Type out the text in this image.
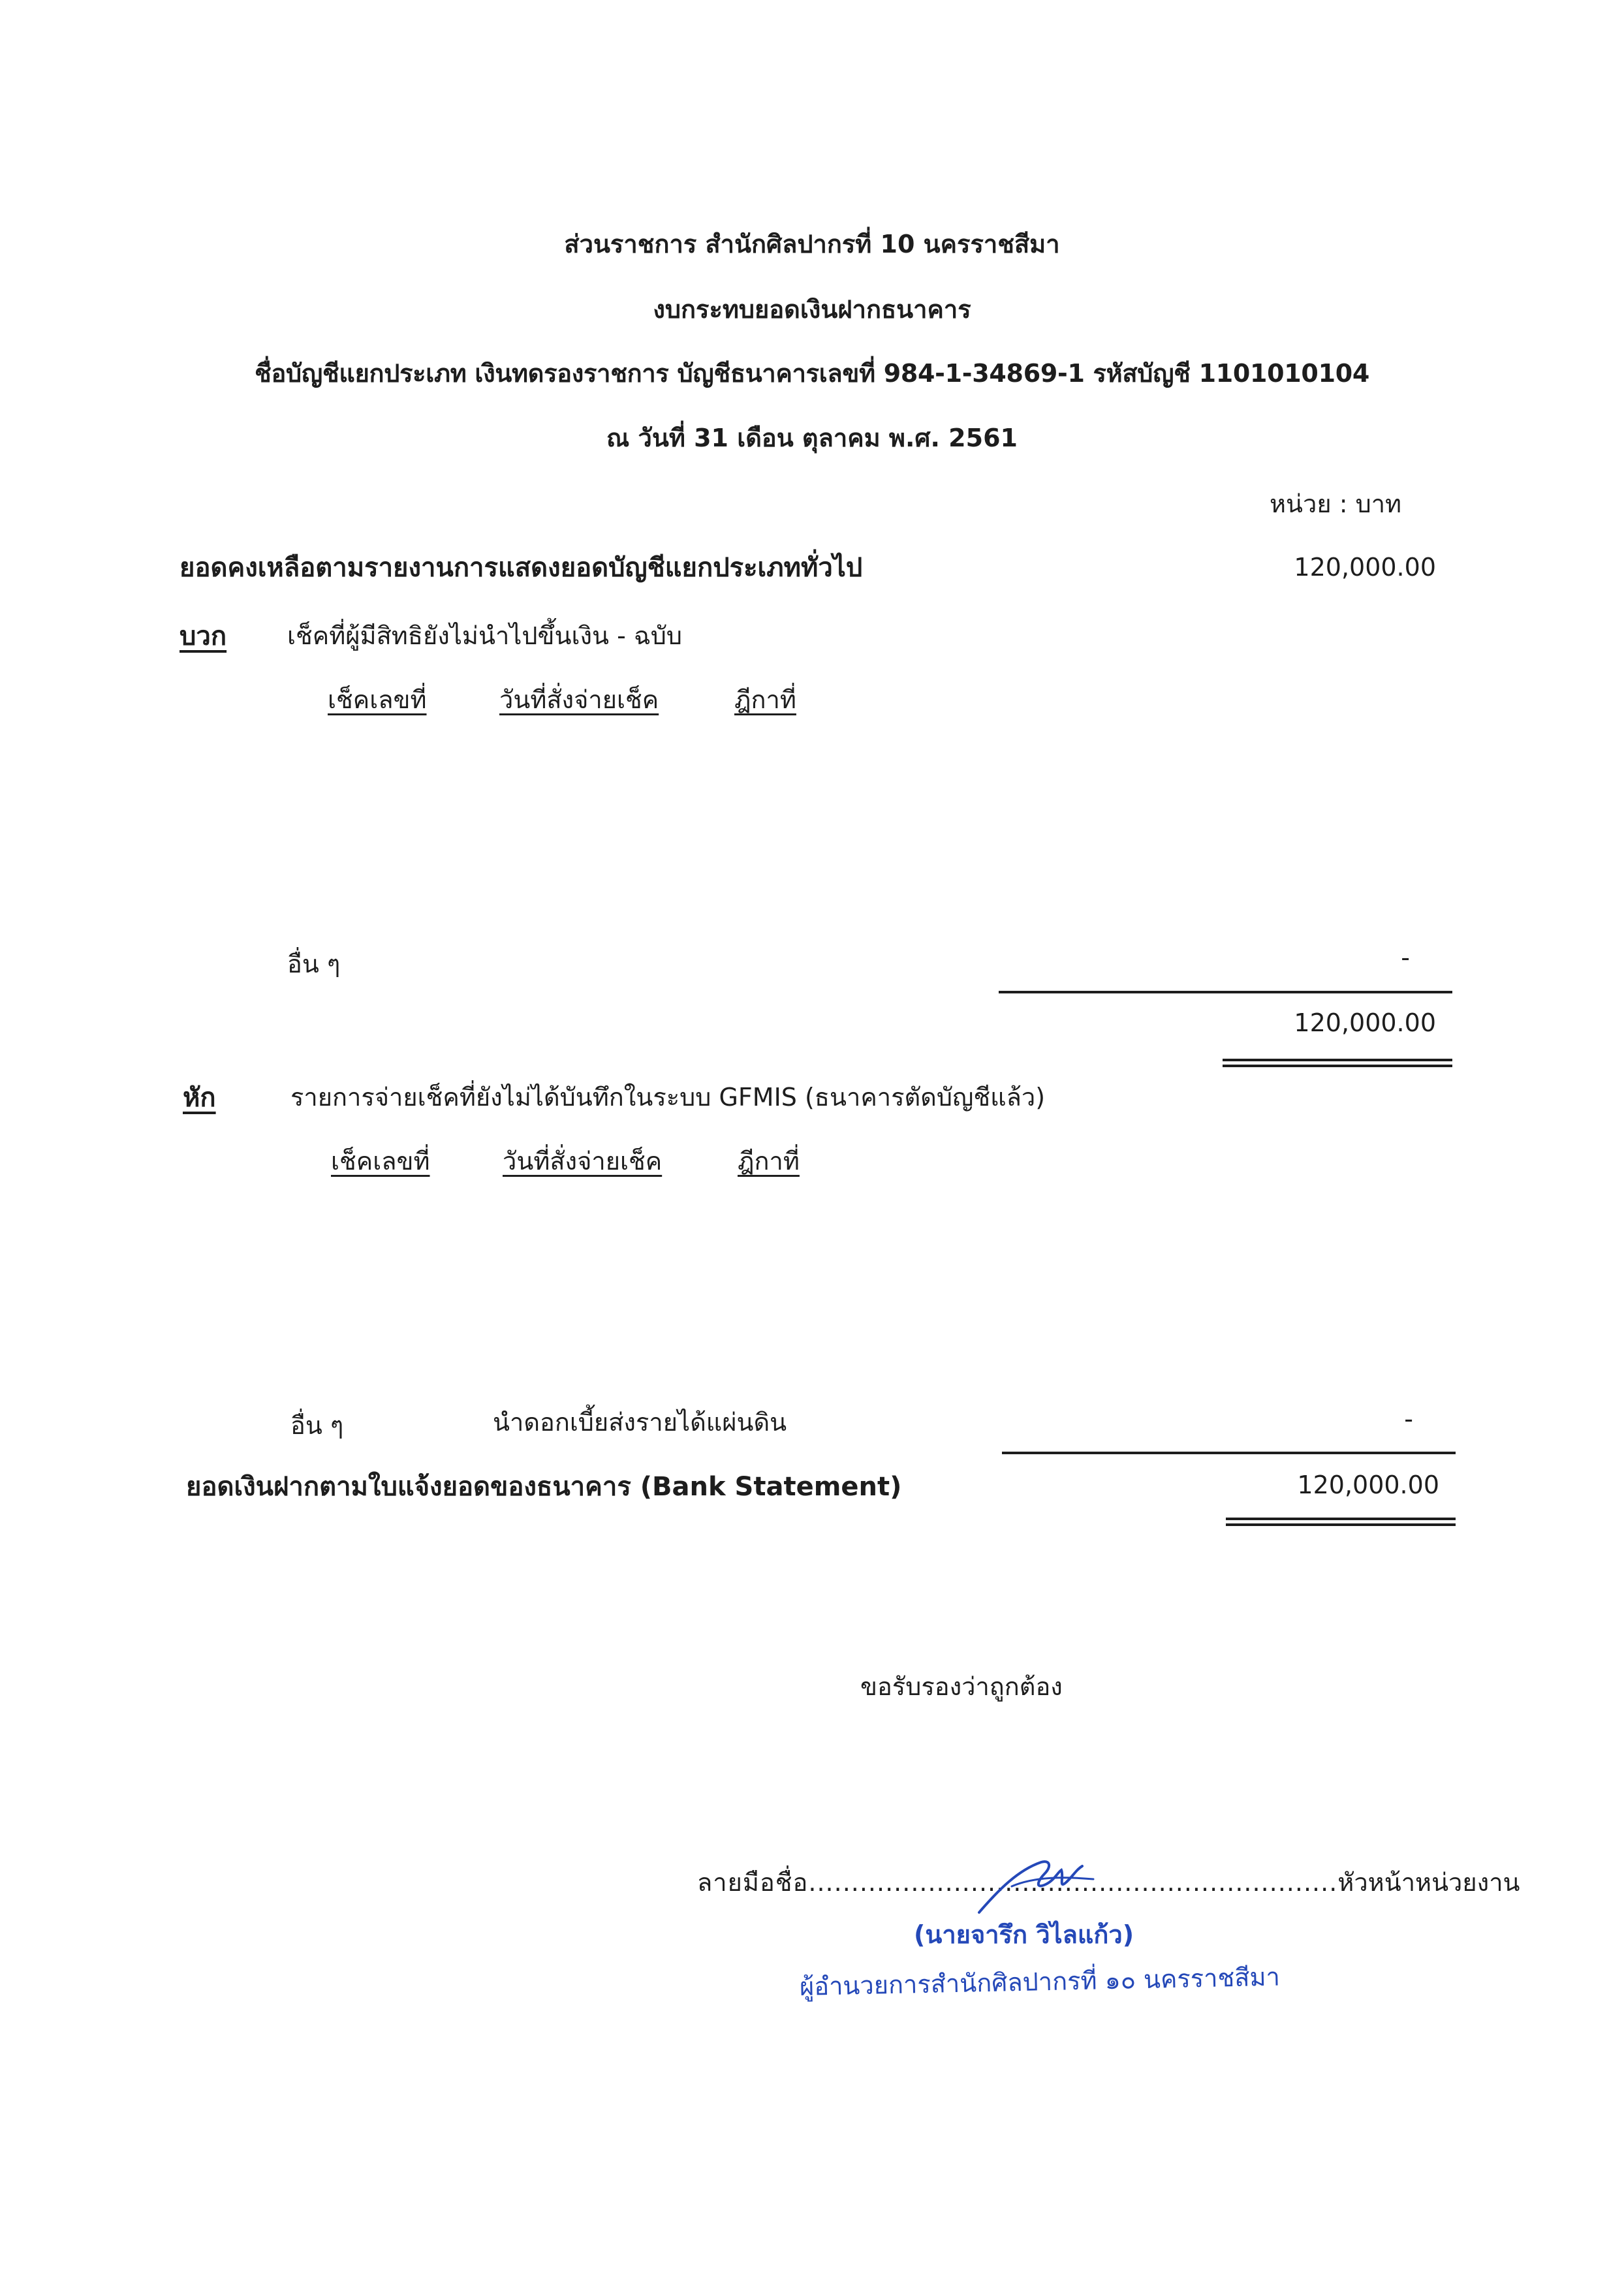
ส่วนราชการ สำนักศิลปากรที่ 10 นครราชสีมา
งบกระทบยอดเงินฝากธนาคาร
ชื่อบัญชีแยกประเภท เงินทดรองราชการ บัญชีธนาคารเลขที่ 984-1-34869-1 รหัสบัญชี 1101010104
ณ วันที่ 31 เดือน ตุลาคม พ.ศ. 2561
หน่วย : บาท
ยอดคงเหลือตามรายงานการแสดงยอดบัญชีแยกประเภททั่วไป	120,000.00
บวก เช็คที่ผู้มีสิทธิยังไม่นำไปขึ้นเงิน - ฉบับ
เช็คเลขที่	วันที่สั่งจ่ายเช็ค	ฎีกาที่
อื่น ๆ	-
120,000.00
หัก	รายการจ่ายเช็คที่ยังไม่ได้บันทึกในระบบ GFMIS (ธนาคารตัดบัญชีแล้ว)
เช็คเลขที่	วันที่สั่งจ่ายเช็ค	ฎีกาที่
อื่น ๆ	นำดอกเบี้ยส่งรายได้แผ่นดิน	-
ยอดเงินฝากตามใบแจ้งยอดของธนาคาร (Bank Statement)	120,000.00
ขอรับรองว่าถูกต้อง
ลายมือชื่อ..............................................................หัวหน้าหน่วยงาน
(นายจารึก วิไลแก้ว)
ผู้อำนวยการสำนักศิลปากรที่ ๑๐ นครราชสีมา
